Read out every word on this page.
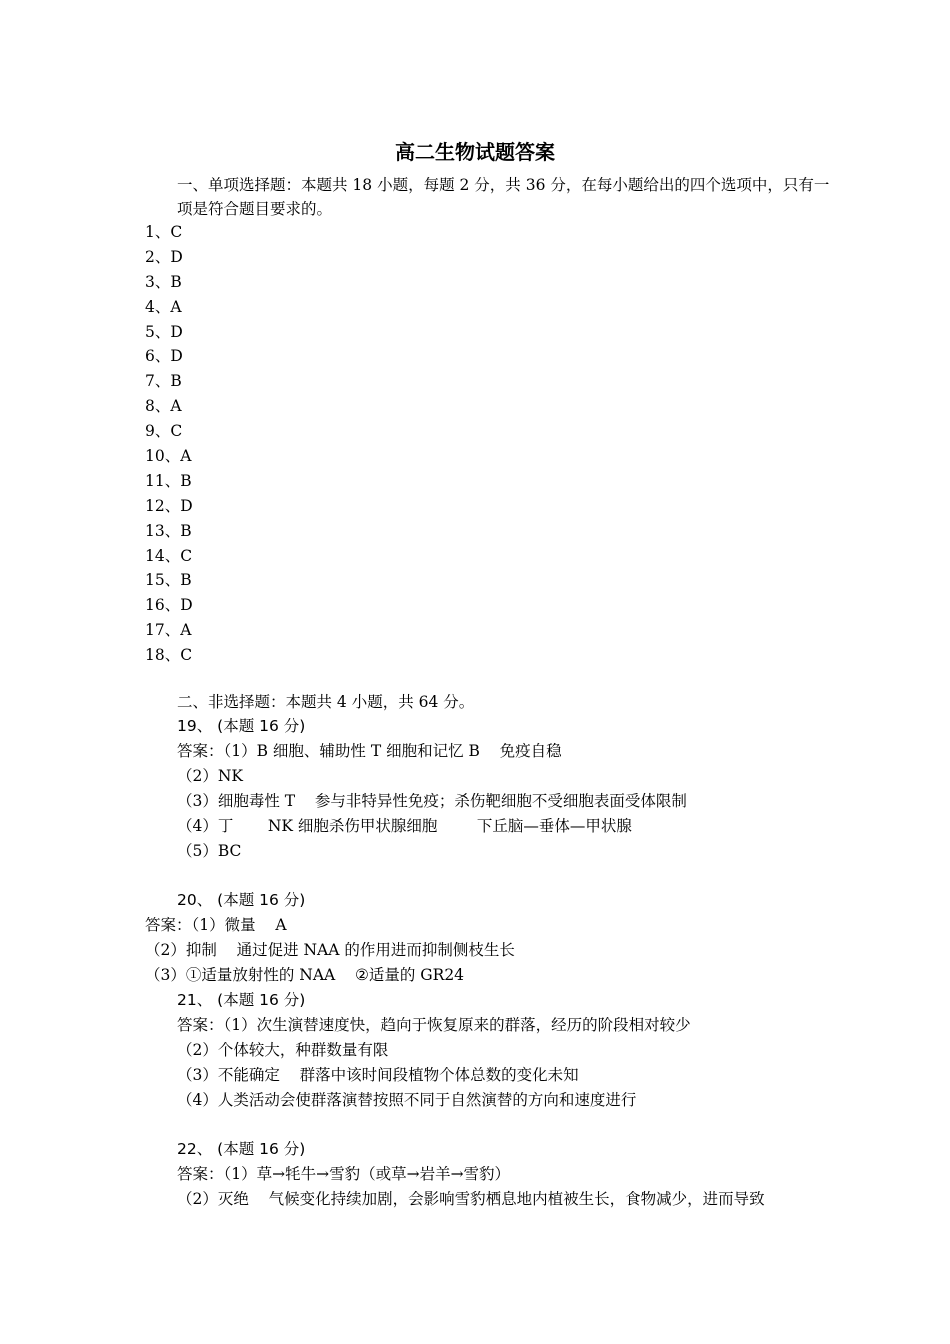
高二生物试题答案
一、单项选择题：本题共 18 小题，每题 2 分，共 36 分，在每小题给出的四个选项中，只有一项是符合题目要求的。
1、C
2、D
3、B
4、A
5、D
6、D
7、B
8、A
9、C
10、A
11、B
12、D
13、B
14、C
15、B
16、D
17、A
18、C
二、非选择题：本题共 4 小题，共 64 分。
19、 (本题 16 分)
答案：（1）B 细胞、辅助性 T 细胞和记忆 B    免疫自稳
（2）NK
（3）细胞毒性 T    参与非特异性免疫；杀伤靶细胞不受细胞表面受体限制
（4）丁       NK 细胞杀伤甲状腺细胞        下丘脑—垂体—甲状腺
（5）BC
20、 (本题 16 分)
答案：（1）微量    A
（2）抑制    通过促进 NAA 的作用进而抑制侧枝生长
（3）①适量放射性的 NAA    ②适量的 GR24
21、 (本题 16 分)
答案：（1）次生演替速度快，趋向于恢复原来的群落，经历的阶段相对较少
（2）个体较大，种群数量有限
（3）不能确定    群落中该时间段植物个体总数的变化未知
（4）人类活动会使群落演替按照不同于自然演替的方向和速度进行
22、 (本题 16 分)
答案：（1）草→牦牛→雪豹（或草→岩羊→雪豹）
（2）灭绝    气候变化持续加剧，会影响雪豹栖息地内植被生长，食物减少，进而导致
